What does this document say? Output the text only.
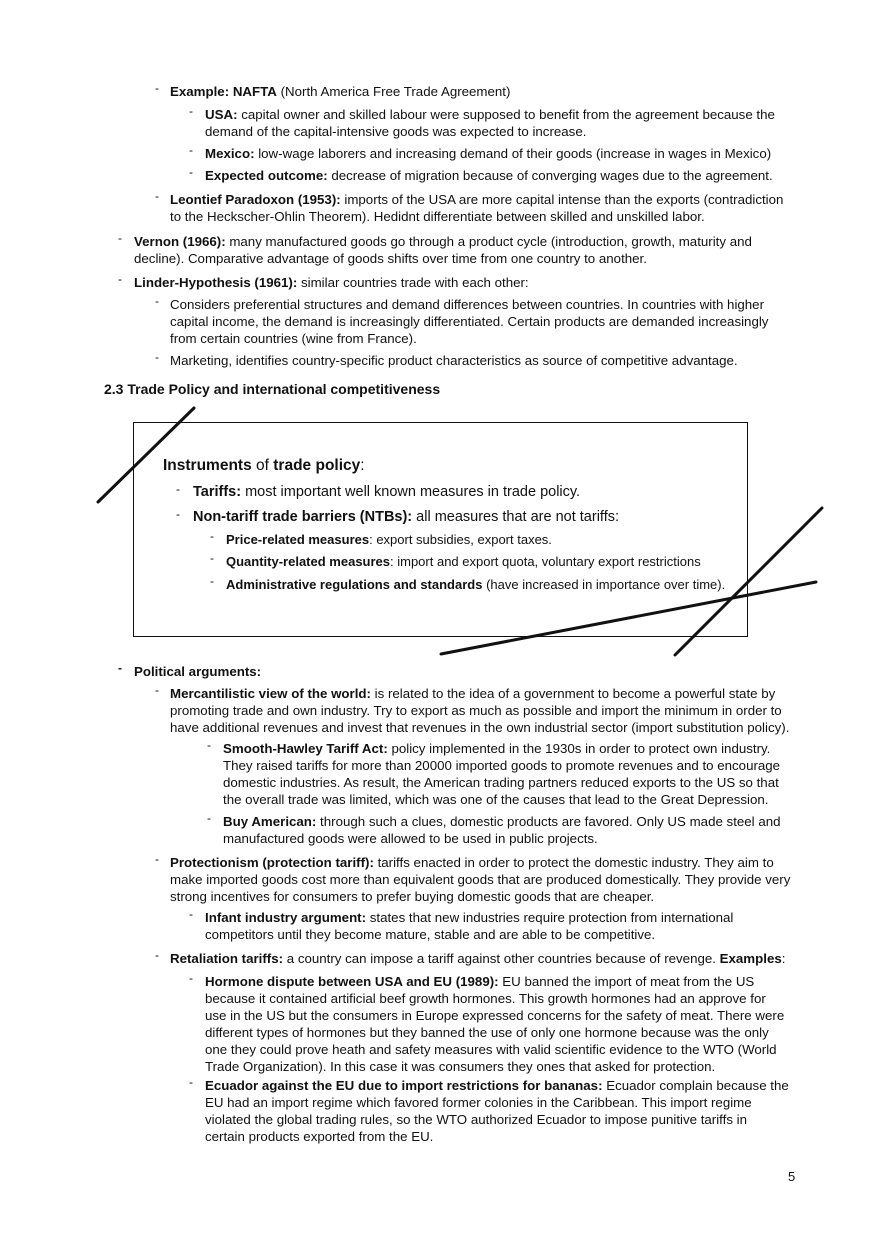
- Example: NAFTA (North America Free Trade Agreement)
- USA: capital owner and skilled labour were supposed to benefit from the agreement because the demand of the capital-intensive goods was expected to increase.
- Mexico: low-wage laborers and increasing demand of their goods (increase in wages in Mexico)
- Expected outcome: decrease of migration because of converging wages due to the agreement.
- Leontief Paradoxon (1953): imports of the USA are more capital intense than the exports (contradiction to the Heckscher-Ohlin Theorem). Hedidnt differentiate between skilled and unskilled labor.
- Vernon (1966): many manufactured goods go through a product cycle (introduction, growth, maturity and decline). Comparative advantage of goods shifts over time from one country to another.
- Linder-Hypothesis (1961): similar countries trade with each other:
- Considers preferential structures and demand differences between countries. In countries with higher capital income, the demand is increasingly differentiated. Certain products are demanded increasingly from certain countries (wine from France).
- Marketing, identifies country-specific product characteristics as source of competitive advantage.
2.3 Trade Policy and international competitiveness
Instruments of trade policy:
- Tariffs: most important well known measures in trade policy.
- Non-tariff trade barriers (NTBs): all measures that are not tariffs:
- Price-related measures: export subsidies, export taxes.
- Quantity-related measures: import and export quota, voluntary export restrictions
- Administrative regulations and standards (have increased in importance over time).
- Political arguments:
- Mercantilistic view of the world: is related to the idea of a government to become a powerful state by promoting trade and own industry. Try to export as much as possible and import the minimum in order to have additional revenues and invest that revenues in the own industrial sector (import substitution policy).
- Smooth-Hawley Tariff Act: policy implemented in the 1930s in order to protect own industry. They raised tariffs for more than 20000 imported goods to promote revenues and to encourage domestic industries. As result, the American trading partners reduced exports to the US so that the overall trade was limited, which was one of the causes that lead to the Great Depression.
- Buy American: through such a clues, domestic products are favored. Only US made steel and manufactured goods were allowed to be used in public projects.
- Protectionism (protection tariff): tariffs enacted in order to protect the domestic industry. They aim to make imported goods cost more than equivalent goods that are produced domestically. They provide very strong incentives for consumers to prefer buying domestic goods that are cheaper.
- Infant industry argument: states that new industries require protection from international competitors until they become mature, stable and are able to be competitive.
- Retaliation tariffs: a country can impose a tariff against other countries because of revenge. Examples:
- Hormone dispute between USA and EU (1989): EU banned the import of meat from the US because it contained artificial beef growth hormones. This growth hormones had an approve for use in the US but the consumers in Europe expressed concerns for the safety of meat. There were different types of hormones but they banned the use of only one hormone because was the only one they could prove heath and safety measures with valid scientific evidence to the WTO (World Trade Organization). In this case it was consumers they ones that asked for protection.
- Ecuador against the EU due to import restrictions for bananas: Ecuador complain because the EU had an import regime which favored former colonies in the Caribbean. This import regime violated the global trading rules, so the WTO authorized Ecuador to impose punitive tariffs in certain products exported from the EU.
5
